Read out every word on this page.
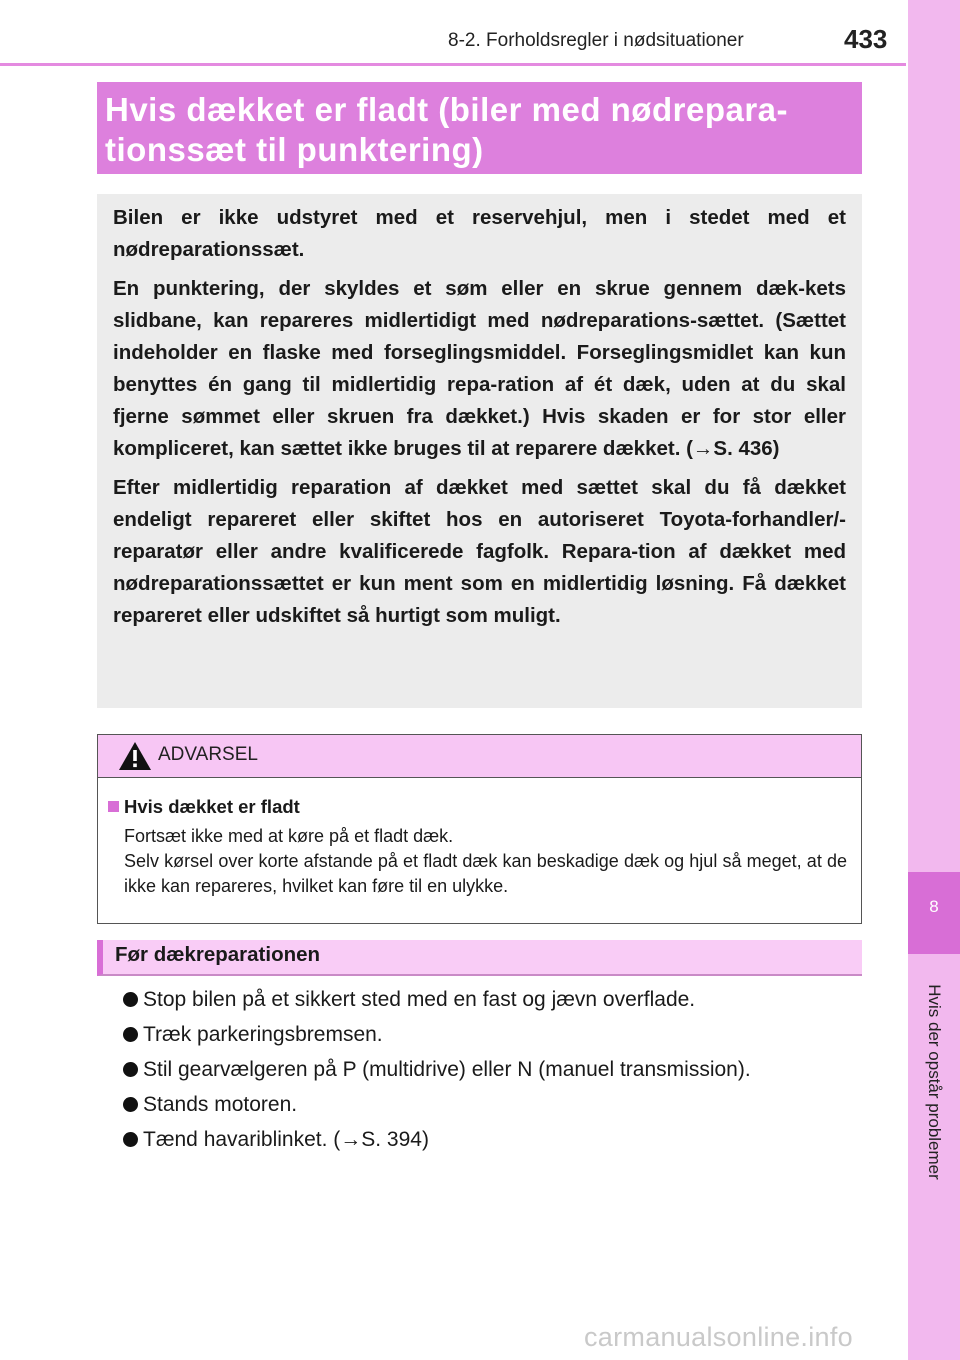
8-2. Forholdsregler i nødsituationer	433
8
Hvis der opstår problemer
Hvis dækket er fladt (biler med nødrepara-
tionssæt til punktering)

Bilen er ikke udstyret med et reservehjul, men i stedet med et nødreparationssæt.

En punktering, der skyldes et søm eller en skrue gennem dæk-kets slidbane, kan repareres midlertidigt med nødreparations-sættet. (Sættet indeholder en flaske med forseglingsmiddel. Forseglingsmidlet kan kun benyttes én gang til midlertidig repa-ration af ét dæk, uden at du skal fjerne sømmet eller skruen fra dækket.) Hvis skaden er for stor eller kompliceret, kan sættet ikke bruges til at reparere dækket. (→S. 436)

Efter midlertidig reparation af dækket med sættet skal du få dækket endeligt repareret eller skiftet hos en autoriseret Toyota-forhandler/-reparatør eller andre kvalificerede fagfolk. Repara-tion af dækket med nødreparationssættet er kun ment som en midlertidig løsning. Få dækket repareret eller udskiftet så hurtigt som muligt.

ADVARSEL

Hvis dækket er fladt

Fortsæt ikke med at køre på et fladt dæk.

Selv kørsel over korte afstande på et fladt dæk kan beskadige dæk og hjul så meget, at de ikke kan repareres, hvilket kan føre til en ulykke.

Før dækreparationen
Stop bilen på et sikkert sted med en fast og jævn overflade.
Træk parkeringsbremsen.
Stil gearvælgeren på P (multidrive) eller N (manuel transmission).
Stands motoren.
Tænd havariblinket. (→S. 394)
carmanualsonline.info
